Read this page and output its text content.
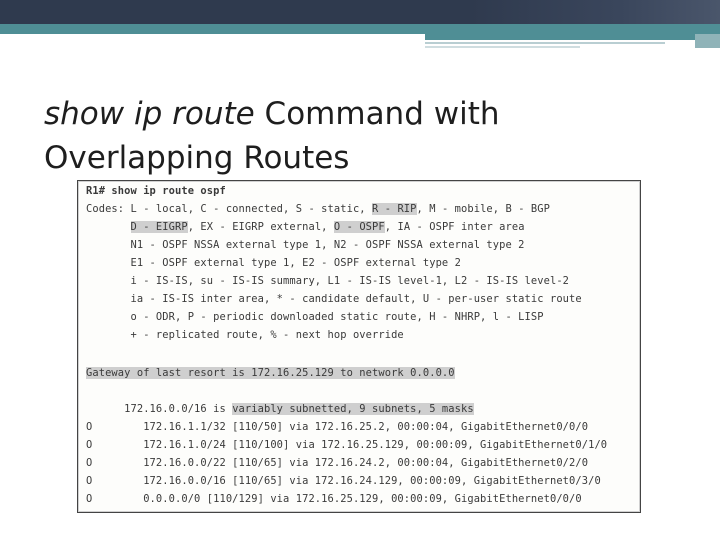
show ip route Command with
Overlapping Routes
R1# show ip route ospf
Codes: L - local, C - connected, S - static, R - RIP, M - mobile, B - BGP
D - EIGRP, EX - EIGRP external, O - OSPF, IA - OSPF inter area
N1 - OSPF NSSA external type 1, N2 - OSPF NSSA external type 2
E1 - OSPF external type 1, E2 - OSPF external type 2
i - IS-IS, su - IS-IS summary, L1 - IS-IS level-1, L2 - IS-IS level-2
ia - IS-IS inter area, * - candidate default, U - per-user static route
o - ODR, P - periodic downloaded static route, H - NHRP, l - LISP
+ - replicated route, % - next hop override
Gateway of last resort is 172.16.25.129 to network 0.0.0.0
172.16.0.0/16 is variably subnetted, 9 subnets, 5 masks
O        172.16.1.1/32 [110/50] via 172.16.25.2, 00:00:04, GigabitEthernet0/0/0
O        172.16.1.0/24 [110/100] via 172.16.25.129, 00:00:09, GigabitEthernet0/1/0
O        172.16.0.0/22 [110/65] via 172.16.24.2, 00:00:04, GigabitEthernet0/2/0
O        172.16.0.0/16 [110/65] via 172.16.24.129, 00:00:09, GigabitEthernet0/3/0
O        0.0.0.0/0 [110/129] via 172.16.25.129, 00:00:09, GigabitEthernet0/0/0
